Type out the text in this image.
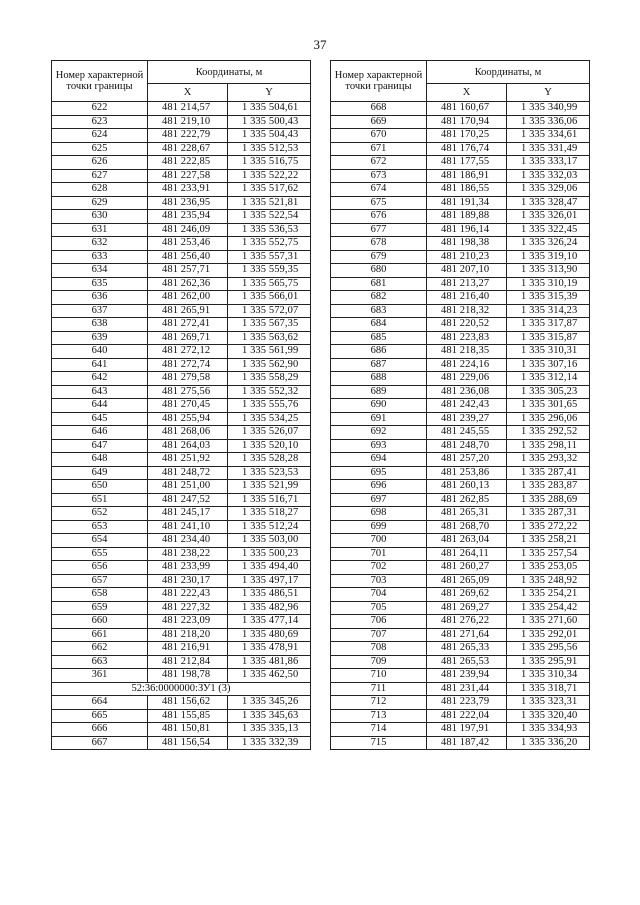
37
Номер характерной точки границы	Координаты, м	
	X	Y
622	481 214,57	1 335 504,61
623	481 219,10	1 335 500,43
624	481 222,79	1 335 504,43
625	481 228,67	1 335 512,53
626	481 222,85	1 335 516,75
627	481 227,58	1 335 522,22
628	481 233,91	1 335 517,62
629	481 236,95	1 335 521,81
630	481 235,94	1 335 522,54
631	481 246,09	1 335 536,53
632	481 253,46	1 335 552,75
633	481 256,40	1 335 557,31
634	481 257,71	1 335 559,35
635	481 262,36	1 335 565,75
636	481 262,00	1 335 566,01
637	481 265,91	1 335 572,07
638	481 272,41	1 335 567,35
639	481 269,71	1 335 563,62
640	481 272,12	1 335 561,99
641	481 272,74	1 335 562,90
642	481 279,58	1 335 558,29
643	481 275,56	1 335 552,32
644	481 270,45	1 335 555,76
645	481 255,94	1 335 534,25
646	481 268,06	1 335 526,07
647	481 264,03	1 335 520,10
648	481 251,92	1 335 528,28
649	481 248,72	1 335 523,53
650	481 251,00	1 335 521,99
651	481 247,52	1 335 516,71
652	481 245,17	1 335 518,27
653	481 241,10	1 335 512,24
654	481 234,40	1 335 503,00
655	481 238,22	1 335 500,23
656	481 233,99	1 335 494,40
657	481 230,17	1 335 497,17
658	481 222,43	1 335 486,51
659	481 227,32	1 335 482,96
660	481 223,09	1 335 477,14
661	481 218,20	1 335 480,69
662	481 216,91	1 335 478,91
663	481 212,84	1 335 481,86
361	481 198,78	1 335 462,50
52:36:0000000:ЗУ1 (3)		
664	481 156,62	1 335 345,26
665	481 155,85	1 335 345,63
666	481 150,81	1 335 335,13
667	481 156,54	1 335 332,39
Номер характерной точки границы	Координаты, м	
	X	Y
668	481 160,67	1 335 340,99
669	481 170,94	1 335 336,06
670	481 170,25	1 335 334,61
671	481 176,74	1 335 331,49
672	481 177,55	1 335 333,17
673	481 186,91	1 335 332,03
674	481 186,55	1 335 329,06
675	481 191,34	1 335 328,47
676	481 189,88	1 335 326,01
677	481 196,14	1 335 322,45
678	481 198,38	1 335 326,24
679	481 210,23	1 335 319,10
680	481 207,10	1 335 313,90
681	481 213,27	1 335 310,19
682	481 216,40	1 335 315,39
683	481 218,32	1 335 314,23
684	481 220,52	1 335 317,87
685	481 223,83	1 335 315,87
686	481 218,35	1 335 310,31
687	481 224,16	1 335 307,16
688	481 229,06	1 335 312,14
689	481 236,08	1 335 305,23
690	481 242,43	1 335 301,65
691	481 239,27	1 335 296,06
692	481 245,55	1 335 292,52
693	481 248,70	1 335 298,11
694	481 257,20	1 335 293,32
695	481 253,86	1 335 287,41
696	481 260,13	1 335 283,87
697	481 262,85	1 335 288,69
698	481 265,31	1 335 287,31
699	481 268,70	1 335 272,22
700	481 263,04	1 335 258,21
701	481 264,11	1 335 257,54
702	481 260,27	1 335 253,05
703	481 265,09	1 335 248,92
704	481 269,62	1 335 254,21
705	481 269,27	1 335 254,42
706	481 276,22	1 335 271,60
707	481 271,64	1 335 292,01
708	481 265,33	1 335 295,56
709	481 265,53	1 335 295,91
710	481 239,94	1 335 310,34
711	481 231,44	1 335 318,71
712	481 223,79	1 335 323,31
713	481 222,04	1 335 320,40
714	481 197,91	1 335 334,93
715	481 187,42	1 335 336,20
